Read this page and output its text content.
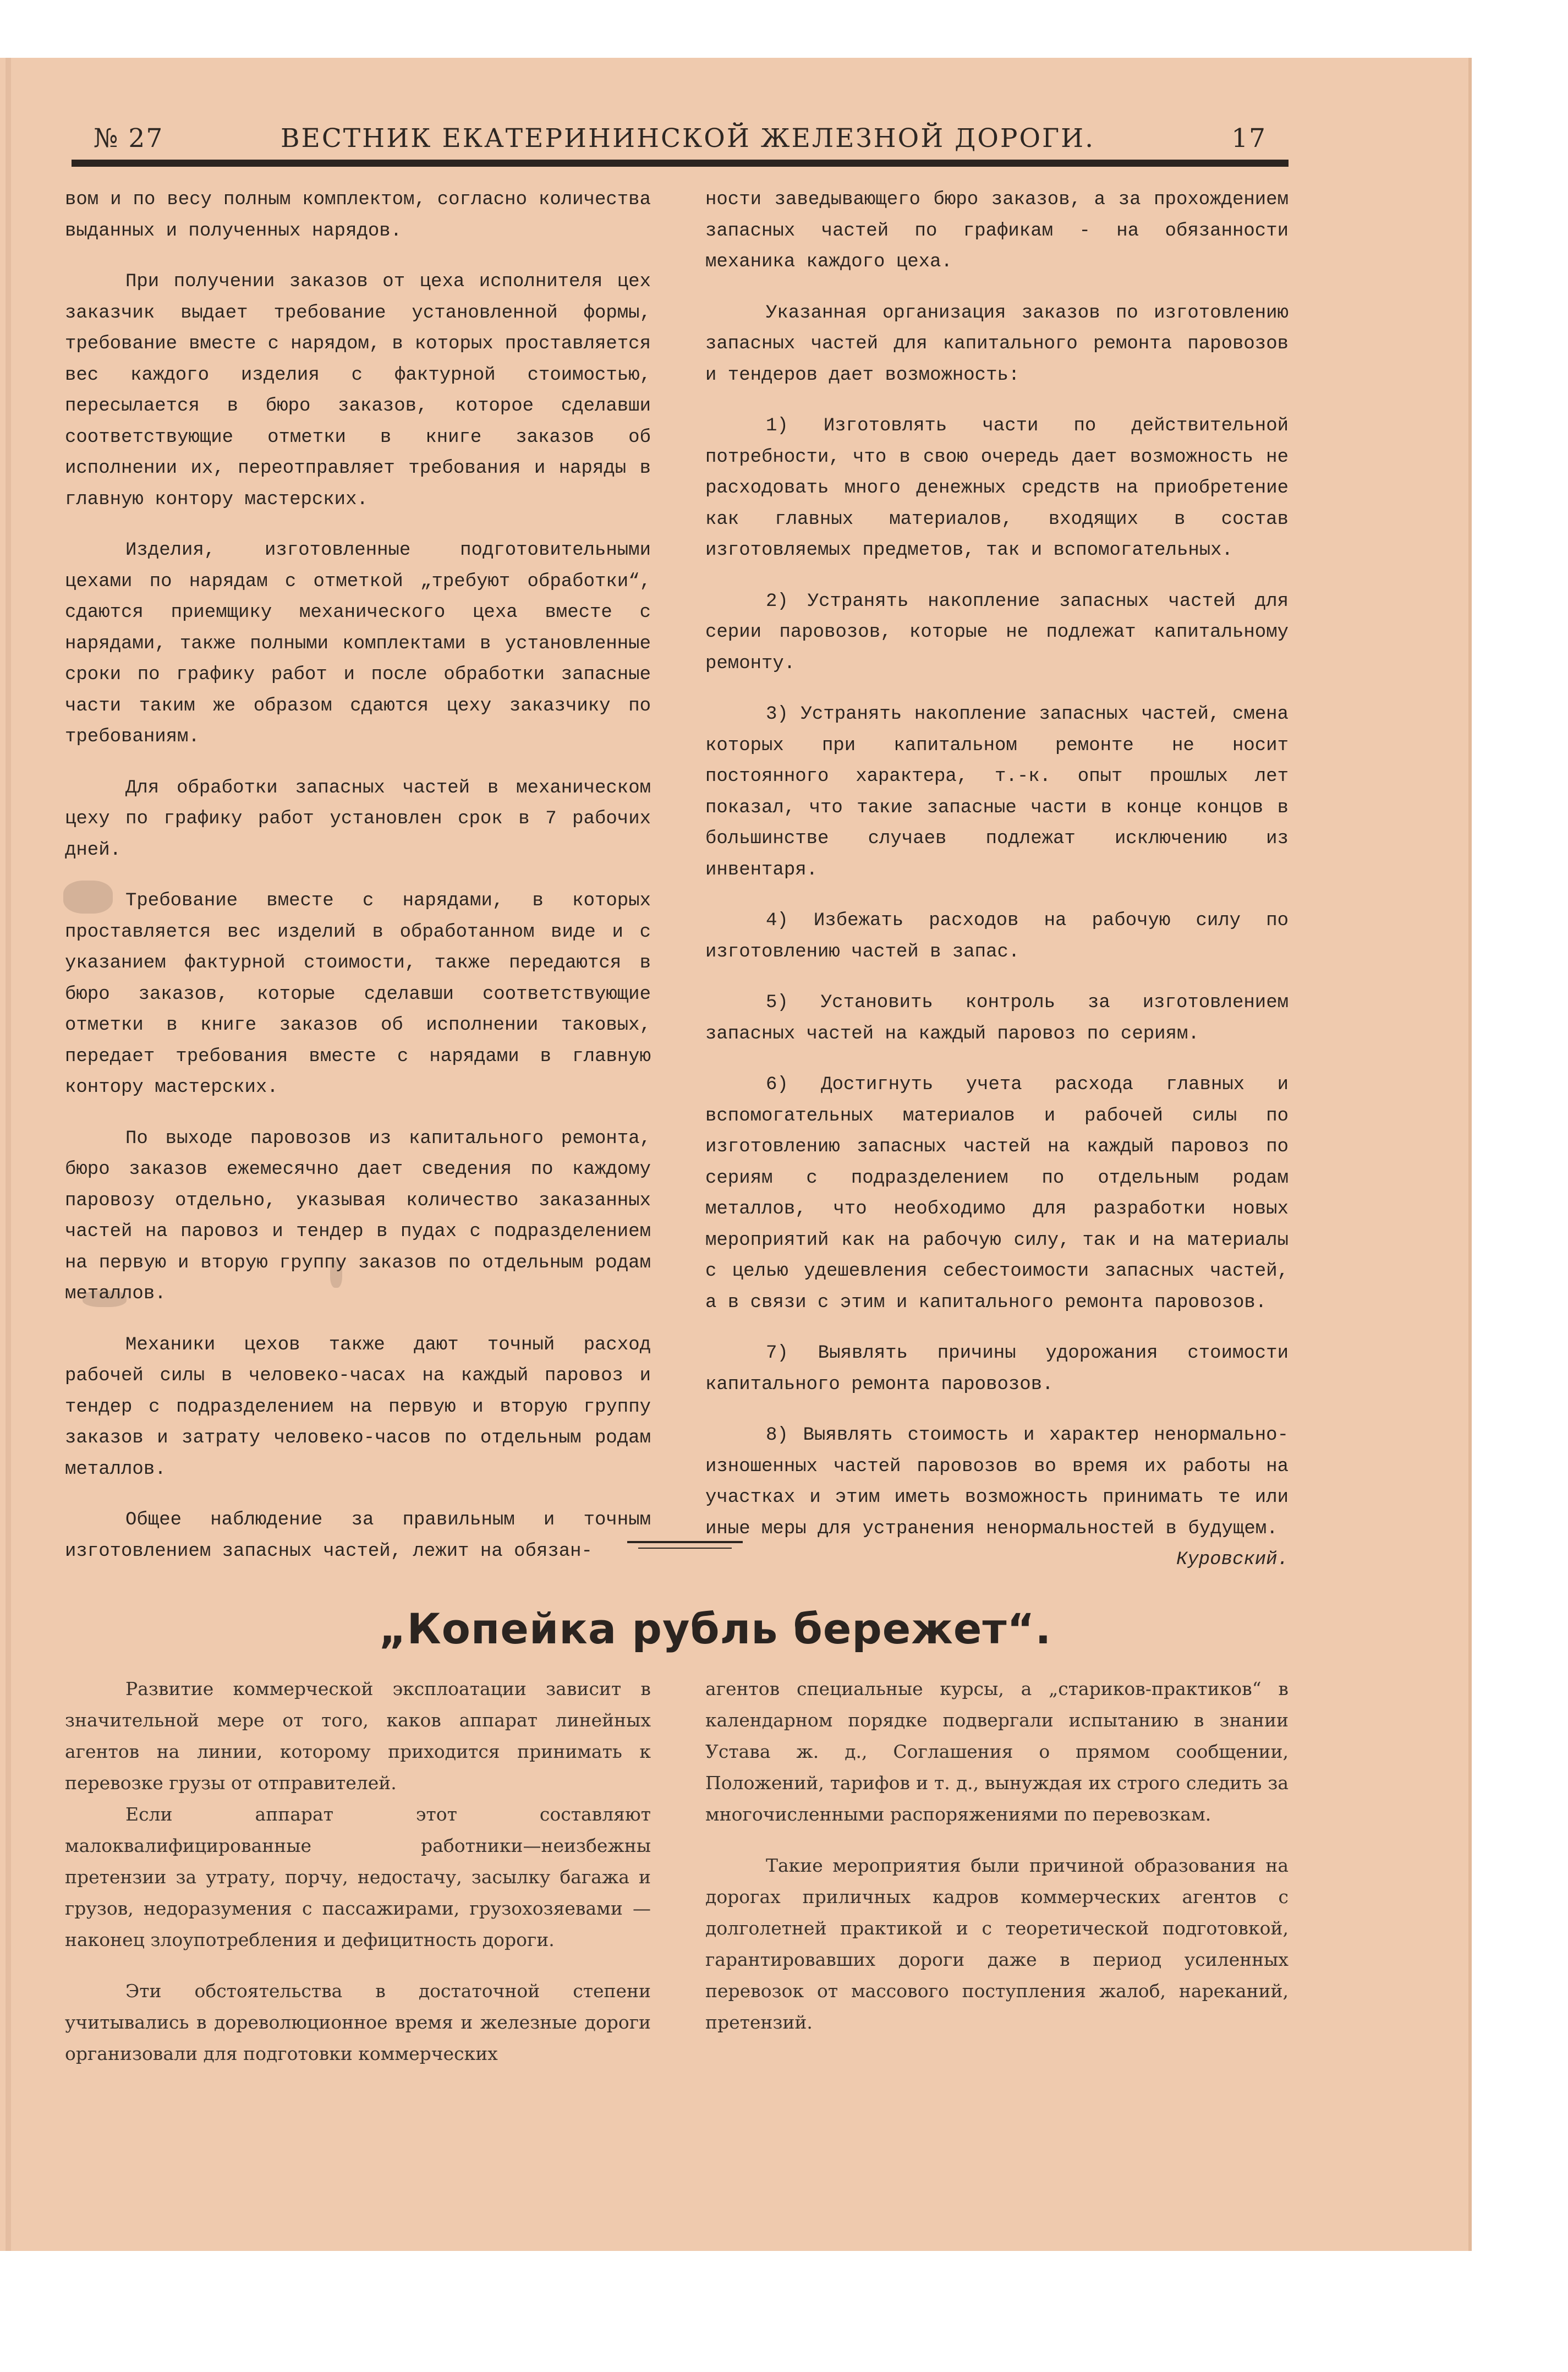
№ 27	ВЕСТНИК ЕКАТЕРИНИНСКОЙ ЖЕЛЕЗНОЙ ДОРОГИ.	17

вом и по весу полным комплектом, согласно количества выданных и полученных нарядов.

При получении заказов от цеха исполнителя цех заказчик выдает требование установленной формы, требование вместе с нарядом, в которых проставляется вес каждого изделия с фактурной стоимостью, пересылается в бюро заказов, которое сделавши соответствующие отметки в книге заказов об исполнении их, переотправляет требования и наряды в главную контору мастерских.

Изделия, изготовленные подготовительными цехами по нарядам с отметкой „требуют обработки“, сдаются приемщику механического цеха вместе с нарядами, также полными комплектами в установленные сроки по графику работ и после обработки запасные части таким же образом сдаются цеху заказчику по требованиям.

Для обработки запасных частей в механическом цеху по графику работ установлен срок в 7 рабочих дней.

Требование вместе с нарядами, в которых проставляется вес изделий в обработанном виде и с указанием фактурной стоимости, также передаются в бюро заказов, которые сделавши соответствующие отметки в книге заказов об исполнении таковых, передает требования вместе с нарядами в главную контору мастерских.

По выходе паровозов из капитального ремонта, бюро заказов ежемесячно дает сведения по каждому паровозу отдельно, указывая количество заказанных частей на паровоз и тендер в пудах с подразделением на первую и вторую группу заказов по отдельным родам металлов.

Механики цехов также дают точный расход рабочей силы в человеко-часах на каждый паровоз и тендер с подразделением на первую и вторую группу заказов и затрату человеко-часов по отдельным родам металлов.

Общее наблюдение за правильным и точным изготовлением запасных частей, лежит на обязан-

ности заведывающего бюро заказов, а за прохождением запасных частей по графикам - на обязанности механика каждого цеха.

Указанная организация заказов по изготовлению запасных частей для капитального ремонта паровозов и тендеров дает возможность:

1) Изготовлять части по действительной потребности, что в свою очередь дает возможность не расходовать много денежных средств на приобретение как главных материалов, входящих в состав изготовляемых предметов, так и вспомогательных.

2) Устранять накопление запасных частей для серии паровозов, которые не подлежат капитальному ремонту.

3) Устранять накопление запасных частей, смена которых при капитальном ремонте не носит постоянного характера, т.-к. опыт прошлых лет показал, что такие запасные части в конце концов в большинстве случаев подлежат исключению из инвентаря.

4) Избежать расходов на рабочую силу по изготовлению частей в запас.

5) Установить контроль за изготовлением запасных частей на каждый паровоз по сериям.

6) Достигнуть учета расхода главных и вспомогательных материалов и рабочей силы по изготовлению запасных частей на каждый паровоз по сериям с подразделением по отдельным родам металлов, что необходимо для разработки новых мероприятий как на рабочую силу, так и на материалы с целью удешевления себестоимости запасных частей, а в связи с этим и капитального ремонта паровозов.

7) Выявлять причины удорожания стоимости капитального ремонта паровозов.

8) Выявлять стоимость и характер ненормально-изношенных частей паровозов во время их работы на участках и этим иметь возможность принимать те или иные меры для устранения ненормальностей в будущем.
Куровский.

„Копейка рубль бережет“.

Развитие коммерческой эксплоатации зависит в значительной мере от того, каков аппарат линейных агентов на линии, которому приходится принимать к перевозке грузы от отправителей.

Если аппарат этот составляют малоквалифицированные работники—неизбежны претензии за утрату, порчу, недостачу, засылку багажа и грузов, недоразумения с пассажирами, грузохозяевами — наконец злоупотребления и дефицитность дороги.

Эти обстоятельства в достаточной степени учитывались в дореволюционное время и железные дороги организовали для подготовки коммерческих

агентов специальные курсы, а „стариков-практиков“ в календарном порядке подвергали испытанию в знании Устава ж. д., Соглашения о прямом сообщении, Положений, тарифов и т. д., вынуждая их строго следить за многочисленными распоряжениями по перевозкам.

Такие мероприятия были причиной образования на дорогах приличных кадров коммерческих агентов с долголетней практикой и с теоретической подготовкой, гарантировавших дороги даже в период усиленных перевозок от массового поступления жалоб, нареканий, претензий.
